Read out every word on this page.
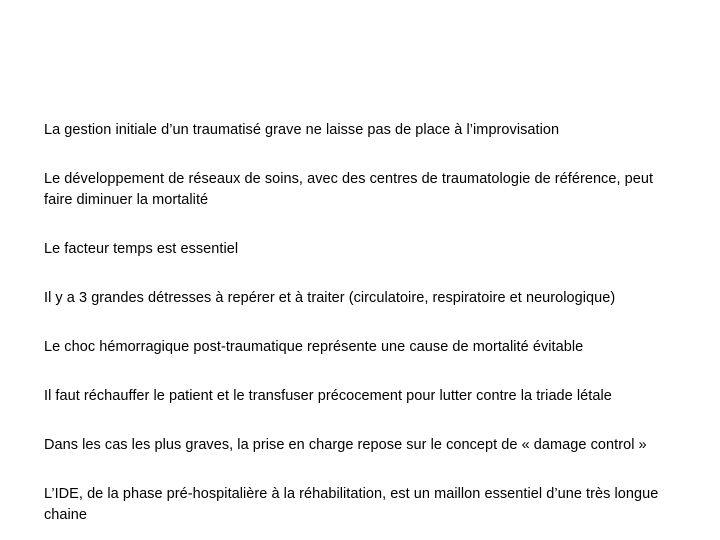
La gestion initiale d’un traumatisé grave ne laisse pas de place à l’improvisation

Le développement de réseaux de soins, avec des centres de traumatologie de référence, peut faire diminuer la mortalité

Le facteur temps est essentiel

Il y a 3 grandes détresses à repérer et à traiter (circulatoire, respiratoire et neurologique)

Le choc hémorragique post-traumatique représente une cause de mortalité évitable

Il faut réchauffer le patient et le transfuser précocement pour lutter contre la triade létale

Dans les cas les plus graves, la prise en charge repose sur le concept de « damage control »

L’IDE, de la phase pré-hospitalière à la réhabilitation, est un maillon essentiel d’une très longue chaine
